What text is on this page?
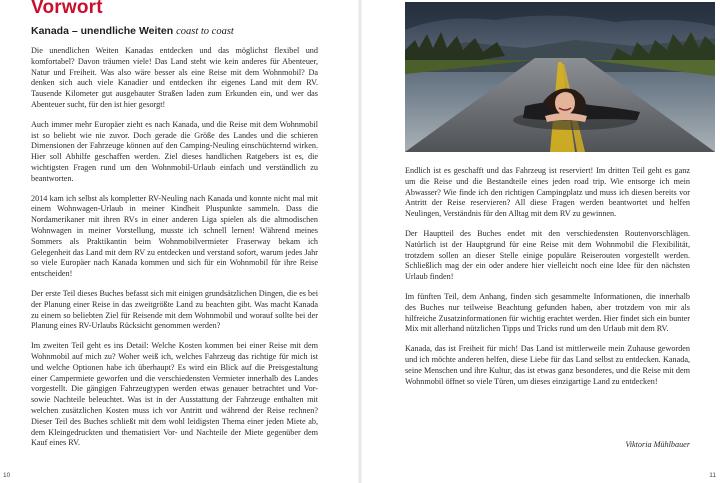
Vorwort
Kanada – unendliche Weiten coast to coast

Die unendlichen Weiten Kanadas entdecken und das möglichst flexibel und komfortabel? Davon träumen viele! Das Land steht wie kein anderes für Abenteuer, Natur und Freiheit. Was also wäre besser als eine Reise mit dem Wohnmobil? Da denken sich auch viele Kanadier und entdecken ihr eigenes Land mit dem RV. Tausende Kilometer gut ausgebauter Straßen laden zum Erkunden ein, und wer das Abenteuer sucht, für den ist hier gesorgt!

Auch immer mehr Europäer zieht es nach Kanada, und die Reise mit dem Wohnmobil ist so beliebt wie nie zuvor. Doch gerade die Größe des Landes und die schieren Dimensionen der Fahrzeuge können auf den Camping-Neuling einschüchternd wirken. Hier soll Abhilfe geschaffen werden. Ziel dieses handlichen Ratgebers ist es, die wichtigsten Fragen rund um den Wohnmobil-Urlaub einfach und verständlich zu beantworten.

2014 kam ich selbst als kompletter RV-Neuling nach Kanada und konnte nicht mal mit einem Wohnwagen-Urlaub in meiner Kindheit Pluspunkte sammeln. Dass die Nordamerikaner mit ihren RVs in einer anderen Liga spielen als die altmodischen Wohnwagen in meiner Vorstellung, musste ich schnell lernen! Während meines Sommers als Praktikantin beim Wohnmobilvermieter Fraserway bekam ich Gelegenheit das Land mit dem RV zu entdecken und verstand sofort, warum jedes Jahr so viele Europäer nach Kanada kommen und sich für ein Wohnmobil für ihre Reise entscheiden!

Der erste Teil dieses Buches befasst sich mit einigen grundsätzlichen Dingen, die es bei der Planung einer Reise in das zweitgrößte Land zu beachten gibt. Was macht Kanada zu einem so beliebten Ziel für Reisende mit dem Wohnmobil und worauf sollte bei der Planung eines RV-Urlaubs Rücksicht genommen werden?

Im zweiten Teil geht es ins Detail: Welche Kosten kommen bei einer Reise mit dem Wohnmobil auf mich zu? Woher weiß ich, welches Fahrzeug das richtige für mich ist und welche Optionen habe ich überhaupt? Es wird ein Blick auf die Preisgestaltung einer Campermiete geworfen und die verschiedensten Vermieter innerhalb des Landes vorgestellt. Die gängigen Fahrzeugtypen werden etwas genauer betrachtet und Vor- sowie Nachteile beleuchtet. Was ist in der Ausstattung der Fahrzeuge enthalten mit welchen zusätzlichen Kosten muss ich vor Antritt und während der Reise rechnen? Dieser Teil des Buches schließt mit dem wohl leidigsten Thema einer jeden Miete ab, dem Kleingedruckten und thematisiert Vor- und Nachteile der Miete gegenüber dem Kauf eines RV.

10	11

Endlich ist es geschafft und das Fahrzeug ist reserviert! Im dritten Teil geht es ganz um die Reise und die Bestandteile eines jeden road trip. Wie entsorge ich mein Abwasser? Wie finde ich den richtigen Campingplatz und muss ich diesen bereits vor Antritt der Reise reservieren? All diese Fragen werden beantwortet und helfen Neulingen, Verständnis für den Alltag mit dem RV zu gewinnen.

Der Hauptteil des Buches endet mit den verschiedensten Routenvorschlägen. Natürlich ist der Hauptgrund für eine Reise mit dem Wohnmobil die Flexibilität, trotzdem sollen an dieser Stelle einige populäre Reiserouten vorgestellt werden. Schließlich mag der ein oder andere hier vielleicht noch eine Idee für den nächsten Urlaub finden!

Im fünften Teil, dem Anhang, finden sich gesammelte Informationen, die innerhalb des Buches nur teilweise Beachtung gefunden haben, aber trotzdem von mir als hilfreiche Zusatzinformationen für wichtig erachtet werden. Hier findet sich ein bunter Mix mit allerhand nützlichen Tipps und Tricks rund um den Urlaub mit dem RV.

Kanada, das ist Freiheit für mich! Das Land ist mittlerweile mein Zuhause geworden und ich möchte anderen helfen, diese Liebe für das Land selbst zu entdecken. Kanada, seine Menschen und ihre Kultur, das ist etwas ganz besonderes, und die Reise mit dem Wohnmobil öffnet so viele Türen, um dieses einzigartige Land zu entdecken!

Viktoria Mühlbauer
